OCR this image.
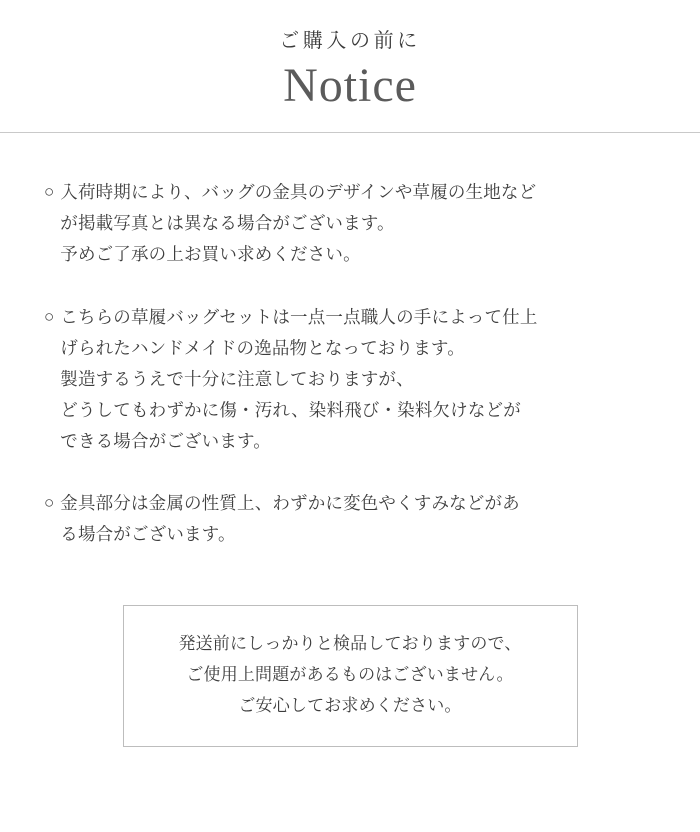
ご購入の前に

Notice
○ 入荷時期により、バッグの金具のデザインや草履の生地など
が掲載写真とは異なる場合がございます。
予めご了承の上お買い求めください。
○ こちらの草履バッグセットは一点一点職人の手によって仕上
げられたハンドメイドの逸品物となっております。
製造するうえで十分に注意しておりますが、
どうしてもわずかに傷・汚れ、染料飛び・染料欠けなどが
できる場合がございます。
○ 金具部分は金属の性質上、わずかに変色やくすみなどがあ
る場合がございます。
発送前にしっかりと検品しておりますので、
ご使用上問題があるものはございません。
ご安心してお求めください。
